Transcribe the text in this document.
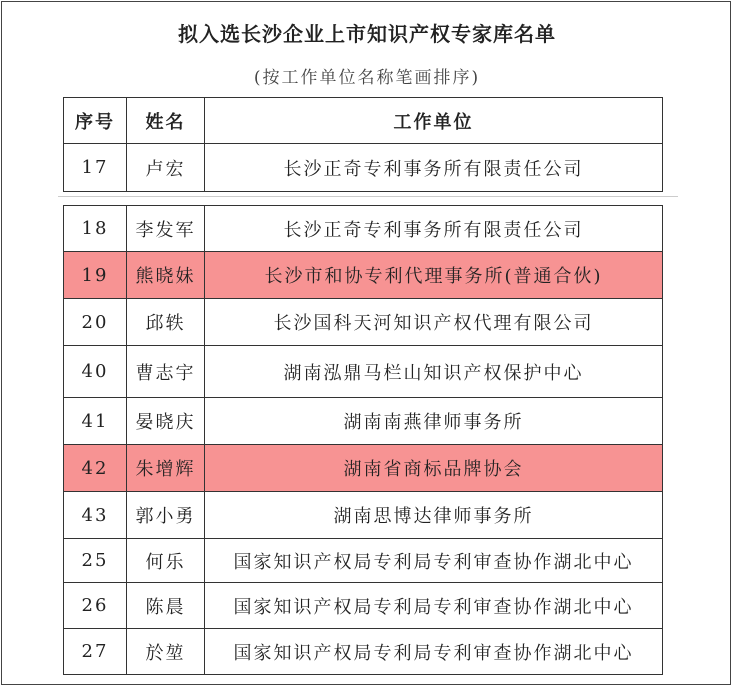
拟入选长沙企业上市知识产权专家库名单
(按工作单位名称笔画排序)
序号	姓名	工作单位
17	卢宏	长沙正奇专利事务所有限责任公司
18	李发军	长沙正奇专利事务所有限责任公司
19	熊晓妹	长沙市和协专利代理事务所(普通合伙)
20	邱轶	长沙国科天河知识产权代理有限公司
40	曹志宇	湖南泓鼎马栏山知识产权保护中心
41	晏晓庆	湖南南燕律师事务所
42	朱增辉	湖南省商标品牌协会
43	郭小勇	湖南思博达律师事务所
25	何乐	国家知识产权局专利局专利审查协作湖北中心
26	陈晨	国家知识产权局专利局专利审查协作湖北中心
27	於堃	国家知识产权局专利局专利审查协作湖北中心
